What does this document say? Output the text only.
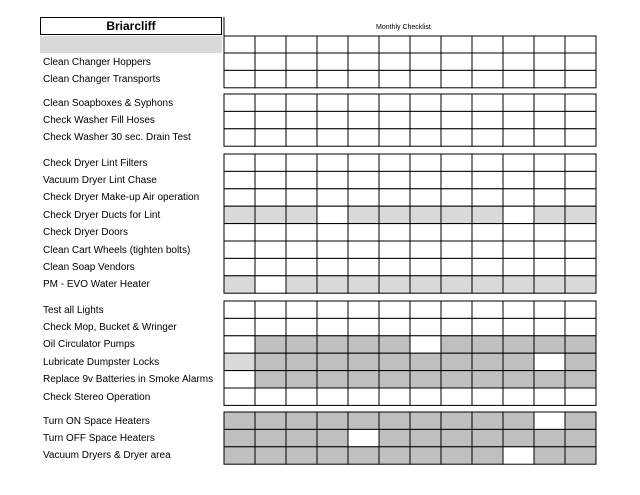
Briarcliff	Monthly Checklist
Clean Changer Hoppers
Clean Changer Transports
Clean Soapboxes & Syphons
Check Washer Fill Hoses
Check Washer 30 sec. Drain Test
Check Dryer Lint Filters
Vacuum Dryer Lint Chase
Check Dryer Make-up Air operation
Check Dryer Ducts for Lint
Check Dryer Doors
Clean Cart Wheels (tighten bolts)
Clean Soap Vendors
PM - EVO Water Heater
Test all Lights
Check Mop, Bucket & Wringer
Oil Circulator Pumps
Lubricate Dumpster Locks
Replace 9v Batteries in Smoke Alarms
Check Stereo Operation
Turn ON Space Heaters
Turn OFF Space Heaters
Vacuum Dryers & Dryer area
